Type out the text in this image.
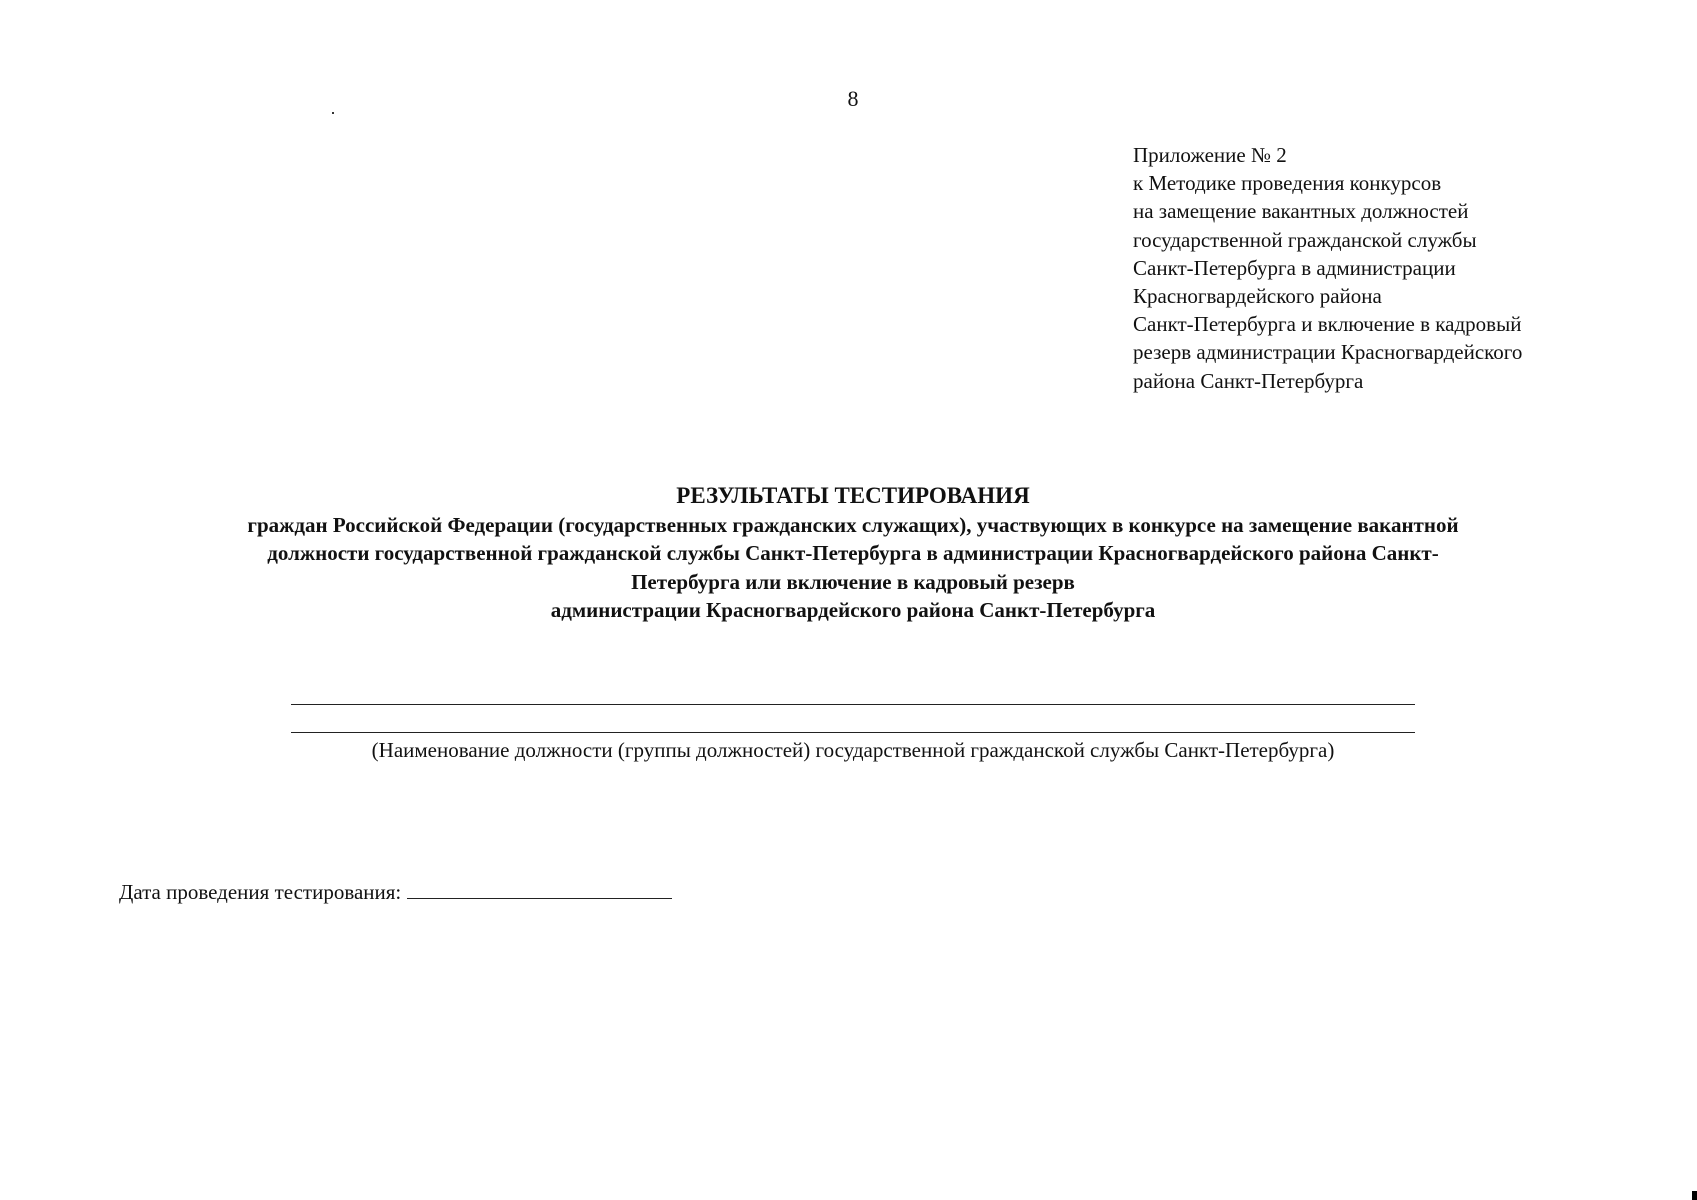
8
Приложение № 2
к Методике проведения конкурсов
на замещение вакантных должностей
государственной гражданской службы
Санкт-Петербурга в администрации
Красногвардейского района
Санкт-Петербурга и включение в кадровый
резерв администрации Красногвардейского
района Санкт-Петербурга
РЕЗУЛЬТАТЫ ТЕСТИРОВАНИЯ
граждан Российской Федерации (государственных гражданских служащих), участвующих в конкурсе на замещение вакантной
должности государственной гражданской службы Санкт-Петербурга в администрации Красногвардейского района Санкт-
Петербурга или включение в кадровый резерв
администрации Красногвардейского района Санкт-Петербурга
(Наименование должности (группы должностей) государственной гражданской службы Санкт-Петербурга)
Дата проведения тестирования:
